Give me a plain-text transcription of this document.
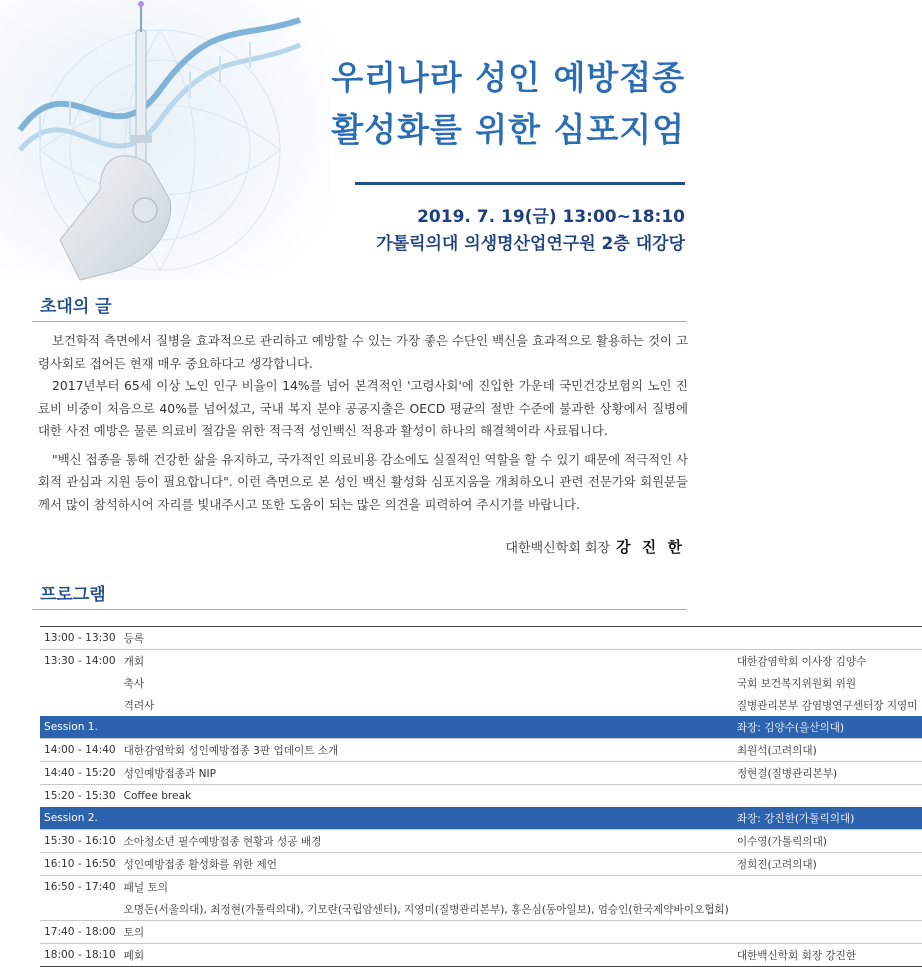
우리나라 성인 예방접종
활성화를 위한 심포지엄
2019. 7. 19(금) 13:00~18:10
가톨릭의대 의생명산업연구원 2층 대강당
초대의 글

보건학적 측면에서 질병을 효과적으로 관리하고 예방할 수 있는 가장 좋은 수단인 백신을 효과적으로 활용하는 것이 고령사회로 접어든 현재 매우 중요하다고 생각합니다.

2017년부터 65세 이상 노인 인구 비율이 14%를 넘어 본격적인 '고령사회'에 진입한 가운데 국민건강보험의 노인 진료비 비중이 처음으로 40%를 넘어섰고, 국내 복지 분야 공공지출은 OECD 평균의 절반 수준에 불과한 상황에서 질병에 대한 사전 예방은 물론 의료비 절감을 위한 적극적 성인백신 적용과 활성이 하나의 해결책이라 사료됩니다.

"백신 접종을 통해 건강한 삶을 유지하고, 국가적인 의료비용 감소에도 실질적인 역할을 할 수 있기 때문에 적극적인 사회적 관심과 지원 등이 필요합니다". 이런 측면으로 본 성인 백신 활성화 심포지움을 개최하오니 관련 전문가와 회원분들께서 많이 참석하시어 자리를 빛내주시고 또한 도움이 되는 많은 의견을 피력하여 주시기를 바랍니다.

대한백신학회 회장 강 진 한
프로그램
13:00 - 13:30	등록	
13:30 - 14:00	개회	대한감염학회 이사장 김양수
	축사	국회 보건복지위원회 위원
	격려사	질병관리본부 감염병연구센터장 지영미
Session 1.		좌장: 김양수(을산의대)
14:00 - 14:40	대한감염학회 성인예방접종 3판 업데이트 소개	최원석(고려의대)
14:40 - 15:20	성인예방접종과 NIP	정현결(질병관리본부)
15:20 - 15:30	Coffee break	
Session 2.		좌장: 강진한(가톨릭의대)
15:30 - 16:10	소아청소년 필수예방접종 현황과 성공 배경	이수영(가톨릭의대)
16:10 - 16:50	성인예방접종 활성화를 위한 제언	정희진(고려의대)
16:50 - 17:40	패널 토의	
	오명돈(서울의대), 최정현(가톨릭의대), 기모란(국립암센터), 지영미(질병관리본부), 홍은심(동아일보), 엄승인(한국제약바이오협회)	
17:40 - 18:00	토의	
18:00 - 18:10	폐회	대한백신학회 회장 강진한
